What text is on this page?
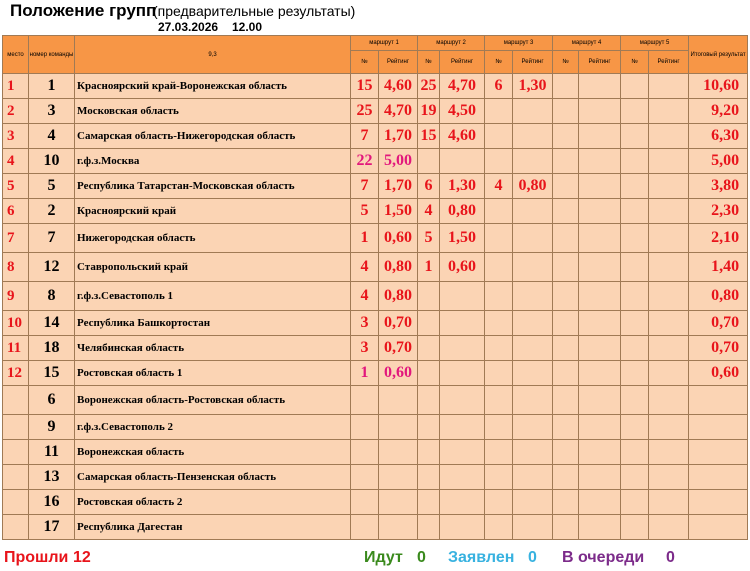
Положение групп
(предварительные результаты)
27.03.2026 12.00
место	номер команды	9,3	маршрут 1		маршрут 2		маршрут 3		маршрут 4		маршрут 5		Итоговый результат
			№	Рейтинг	№	Рейтинг	№	Рейтинг	№	Рейтинг	№	Рейтинг	
1	1	Красноярский край-Воронежская область	15	4,60	25	4,70	6	1,30					10,60
2	3	Московская область	25	4,70	19	4,50							9,20
3	4	Самарская область-Нижегородская область	7	1,70	15	4,60							6,30
4	10	г.ф.з.Москва	22	5,00									5,00
5	5	Республика Татарстан-Московская область	7	1,70	6	1,30	4	0,80					3,80
6	2	Красноярский край	5	1,50	4	0,80							2,30
7	7	Нижегородская область	1	0,60	5	1,50							2,10
8	12	Ставропольский край	4	0,80	1	0,60							1,40
9	8	г.ф.з.Севастополь 1	4	0,80									0,80
10	14	Республика Башкортостан	3	0,70									0,70
11	18	Челябинская область	3	0,70									0,70
12	15	Ростовская область 1	1	0,60									0,60
	6	Воронежская область-Ростовская область											
	9	г.ф.з.Севастополь 2											
	11	Воронежская область											
	13	Самарская область-Пензенская область											
	16	Ростовская область 2											
	17	Республика Дагестан											
Прошли 12	Идут 0 Заявлен 0 В очереди 0
